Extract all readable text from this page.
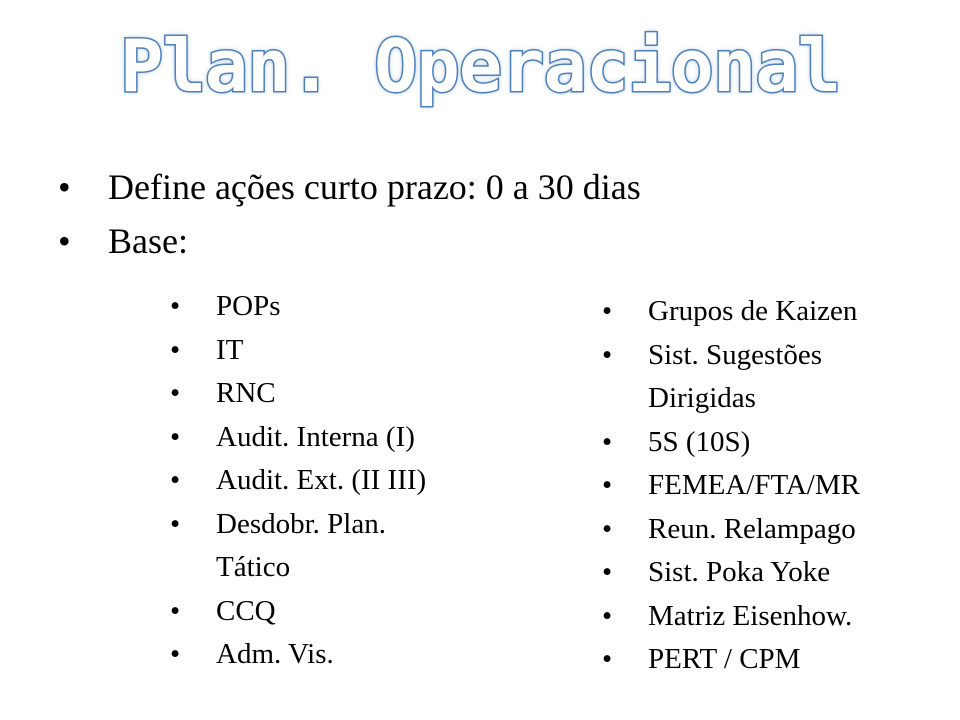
Plan. Operacional
• Define ações curto prazo: 0 a 30 dias
• Base:
• POPs
• IT
• RNC
• Audit. Interna (I)
• Audit. Ext. (II III)
• Desdobr. Plan.
Tático
• CCQ
• Adm. Vis.
• Grupos de Kaizen
• Sist. Sugestões
Dirigidas
• 5S (10S)
• FEMEA/FTA/MR
• Reun. Relampago
• Sist. Poka Yoke
• Matriz Eisenhow.
• PERT / CPM
